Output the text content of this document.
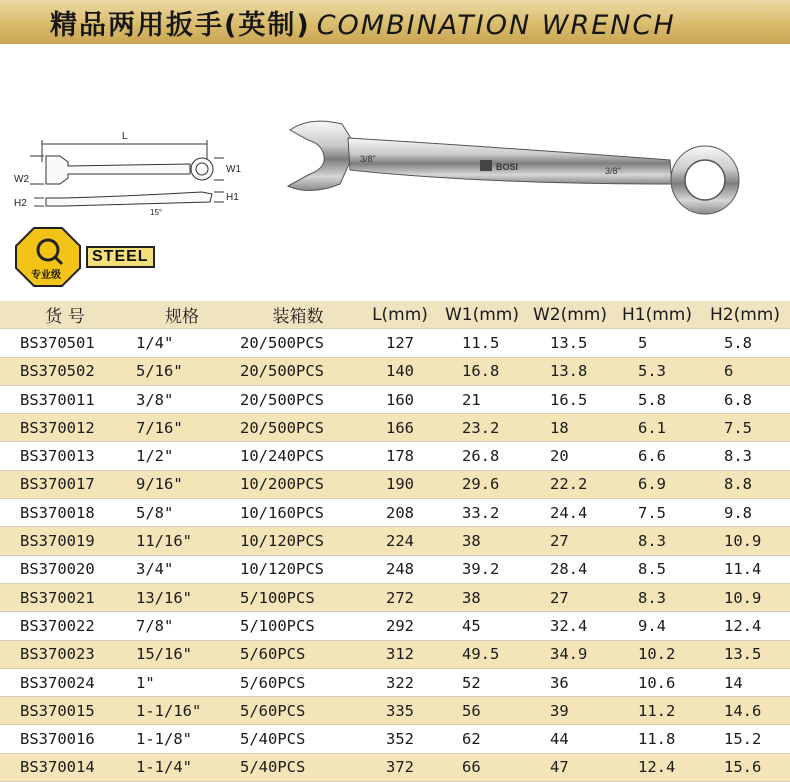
精品两用扳手(英制) COMBINATION WRENCH
L
W1
W2
H1
H2
15°
3/8"
BOSI	3/8"
专业级
STEEL
货 号	规格	装箱数	L(mm)	W1(mm)	W2(mm)	H1(mm)	H2(mm)
BS370501	1/4"	20/500PCS	127	11.5	13.5	5	5.8
BS370502	5/16"	20/500PCS	140	16.8	13.8	5.3	6
BS370011	3/8"	20/500PCS	160	21	16.5	5.8	6.8
BS370012	7/16"	20/500PCS	166	23.2	18	6.1	7.5
BS370013	1/2"	10/240PCS	178	26.8	20	6.6	8.3
BS370017	9/16"	10/200PCS	190	29.6	22.2	6.9	8.8
BS370018	5/8"	10/160PCS	208	33.2	24.4	7.5	9.8
BS370019	11/16"	10/120PCS	224	38	27	8.3	10.9
BS370020	3/4"	10/120PCS	248	39.2	28.4	8.5	11.4
BS370021	13/16"	5/100PCS	272	38	27	8.3	10.9
BS370022	7/8"	5/100PCS	292	45	32.4	9.4	12.4
BS370023	15/16"	5/60PCS	312	49.5	34.9	10.2	13.5
BS370024	1"	5/60PCS	322	52	36	10.6	14
BS370015	1-1/16"	5/60PCS	335	56	39	11.2	14.6
BS370016	1-1/8"	5/40PCS	352	62	44	11.8	15.2
BS370014	1-1/4"	5/40PCS	372	66	47	12.4	15.6
